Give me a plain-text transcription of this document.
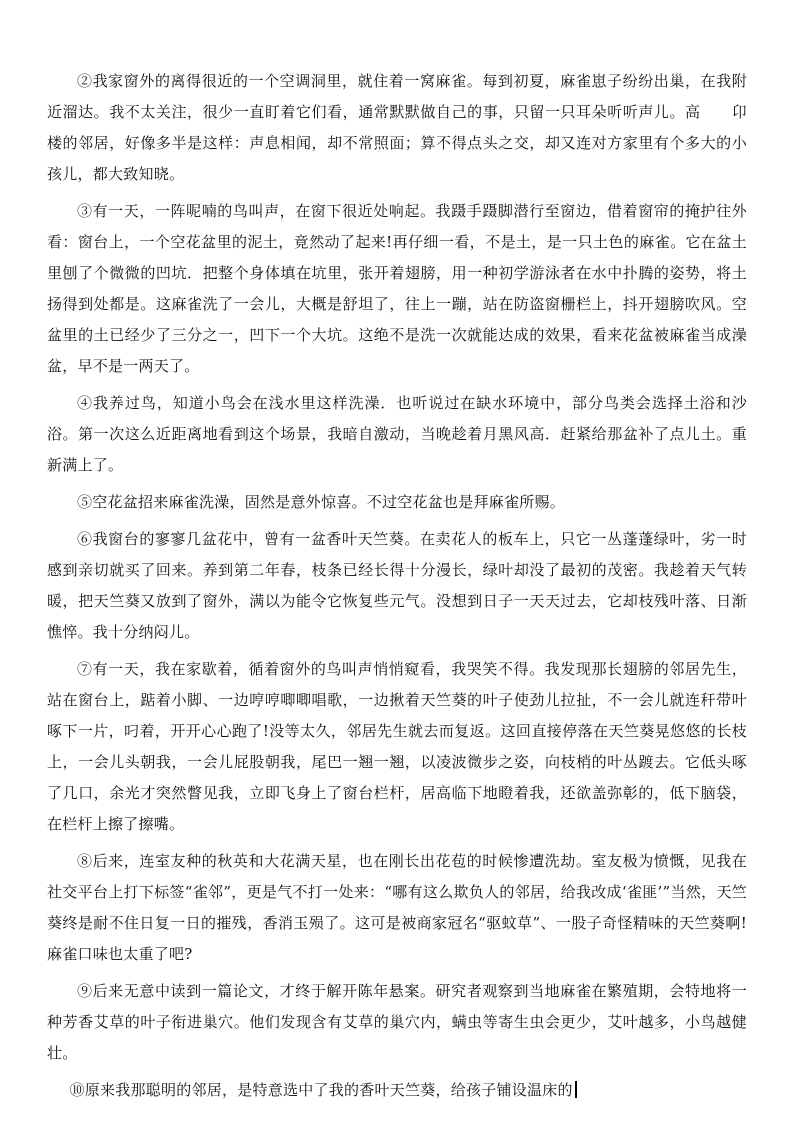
②我家窗外的离得很近的一个空调洞里，就住着一窝麻雀。每到初夏，麻雀崽子纷纷出巢，在我附近溜达。我不太关注，很少一直盯着它们看，通常默默做自己的事，只留一只耳朵听听声儿。高　　卬楼的邻居，好像多半是这样：声息相闻，却不常照面；算不得点头之交，却又连对方家里有个多大的小孩儿，都大致知晓。

③有一天，一阵呢喃的鸟叫声，在窗下很近处响起。我蹑手蹑脚潜行至窗边，借着窗帘的掩护往外看：窗台上，一个空花盆里的泥土，竟然动了起来!再仔细一看，不是土，是一只土色的麻雀。它在盆土里刨了个微微的凹坑．把整个身体填在坑里，张开着翅膀，用一种初学游泳者在水中扑腾的姿势，将土扬得到处都是。这麻雀洗了一会儿，大概是舒坦了，往上一蹦，站在防盗窗栅栏上，抖开翅膀吹风。空盆里的土已经少了三分之一，凹下一个大坑。这绝不是洗一次就能达成的效果，看来花盆被麻雀当成澡盆，早不是一两天了。

④我养过鸟，知道小鸟会在浅水里这样洗澡．也听说过在缺水环境中，部分鸟类会选择土浴和沙浴。第一次这么近距离地看到这个场景，我暗自激动，当晚趁着月黑风高．赶紧给那盆补了点儿土。重新满上了。

⑤空花盆招来麻雀洗澡，固然是意外惊喜。不过空花盆也是拜麻雀所赐。

⑥我窗台的寥寥几盆花中，曾有一盆香叶天竺葵。在卖花人的板车上，只它一丛蓬蓬绿叶，劣一时感到亲切就买了回来。养到第二年春，枝条已经长得十分漫长，绿叶却没了最初的茂密。我趁着天气转暖，把天竺葵又放到了窗外，满以为能令它恢复些元气。没想到日子一天天过去，它却枝残叶落、日渐憔悴。我十分纳闷儿。

⑦有一天，我在家歇着，循着窗外的鸟叫声悄悄窥看，我哭笑不得。我发现那长翅膀的邻居先生，站在窗台上，踮着小脚、一边哼哼唧唧唱歌，一边揪着天竺葵的叶子使劲儿拉扯，不一会儿就连秆带叶啄下一片，叼着，开开心心跑了!没等太久，邻居先生就去而复返。这回直接停落在天竺葵晃悠悠的长枝上，一会儿头朝我，一会儿屁股朝我，尾巴一翘一翘，以凌波微步之姿，向枝梢的叶丛踱去。它低头啄了几口，余光才突然瞥见我，立即飞身上了窗台栏杆，居高临下地瞪着我，还欲盖弥彰的，低下脑袋，在栏杆上擦了擦嘴。

⑧后来，连室友种的秋英和大花满天星，也在刚长出花苞的时候惨遭洗劫。室友极为愤慨，见我在社交平台上打下标签“雀邻”，更是气不打一处来：“哪有这么欺负人的邻居，给我改成‘雀匪’”当然，天竺葵终是耐不住日复一日的摧残，香消玉殒了。这可是被商家冠名“驱蚊草”、一股子奇怪精味的天竺葵啊!麻雀口味也太重了吧?

⑨后来无意中读到一篇论文，才终于解开陈年悬案。研究者观察到当地麻雀在繁殖期，会特地将一种芳香艾草的叶子衔进巢穴。他们发现含有艾草的巢穴内，螨虫等寄生虫会更少，艾叶越多，小鸟越健壮。

⑩原来我那聪明的邻居，是特意选中了我的香叶天竺葵，给孩子铺设温床的
